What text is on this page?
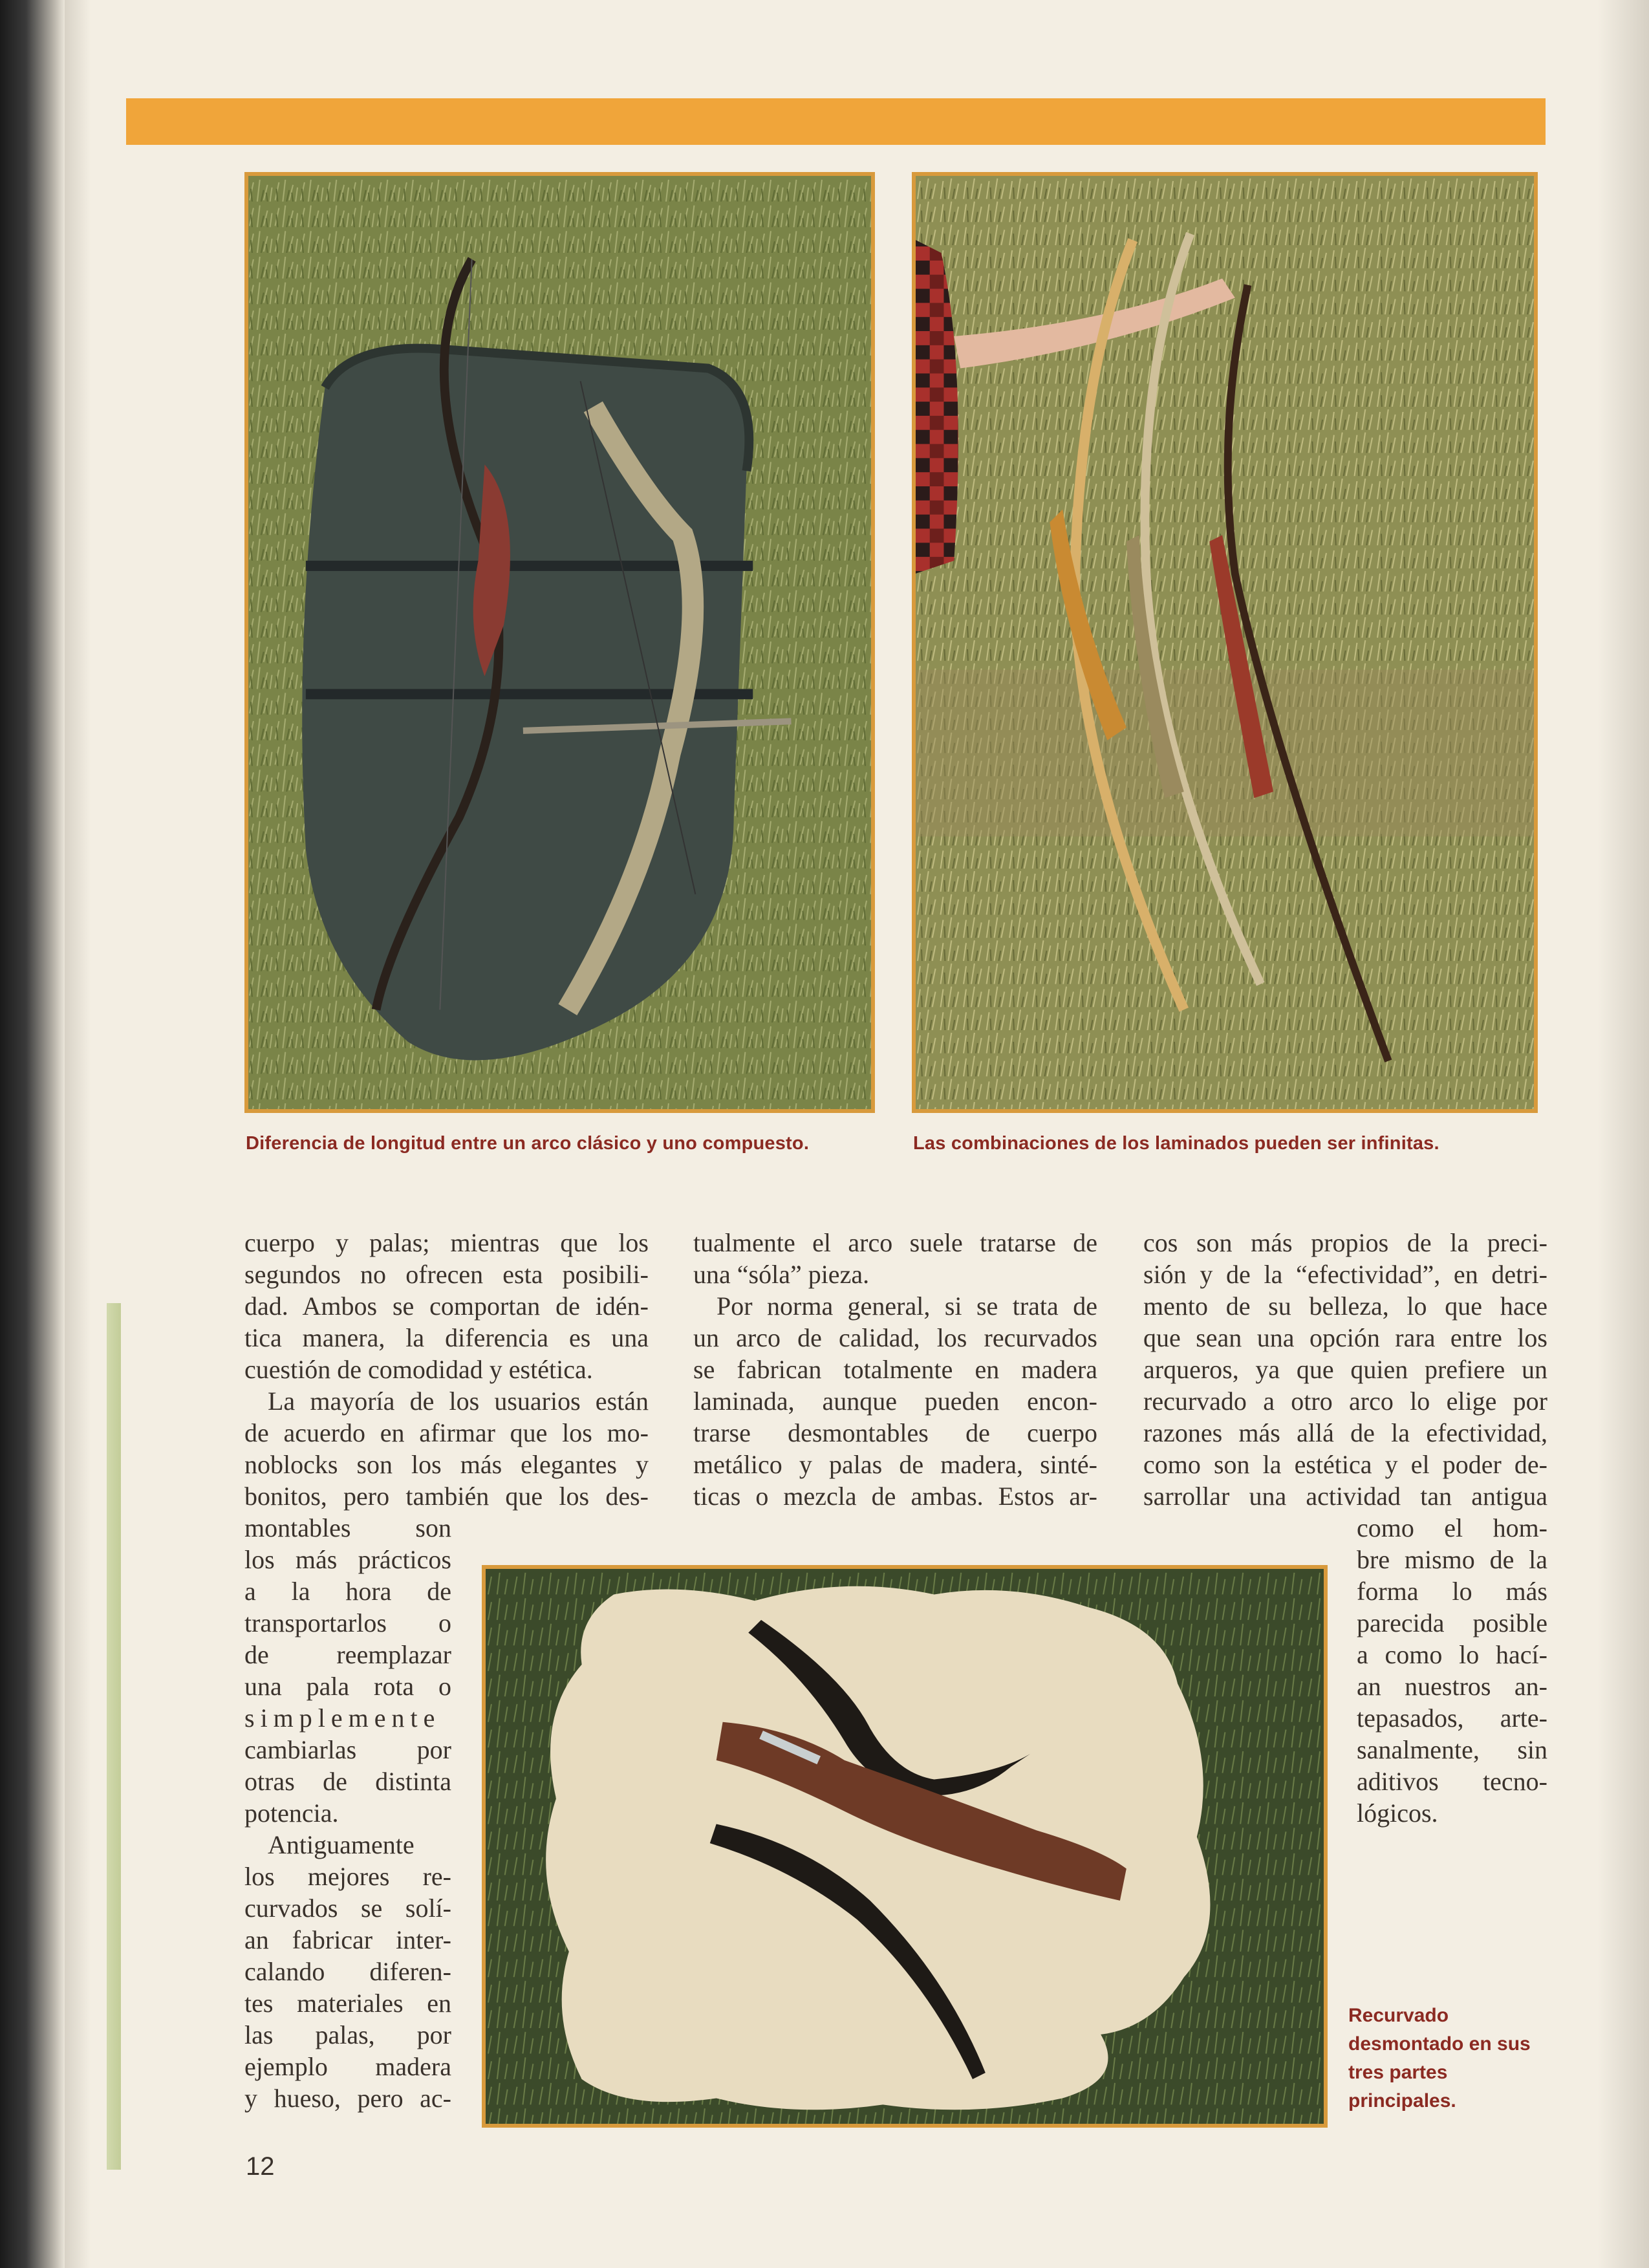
Diferencia de longitud entre un arco clásico y uno compuesto.	Las combinaciones de los laminados pueden ser infinitas.
cuerpo y palas; mientras que los
segundos no ofrecen esta posibili-
dad. Ambos se comportan de idén-
tica manera, la diferencia es una
cuestión de comodidad y estética.
La mayoría de los usuarios están
de acuerdo en afirmar que los mo-
noblocks son los más elegantes y
bonitos, pero también que los des-
montables son
los más prácticos
a la hora de
transportarlos o
de reemplazar
una pala rota o
simplemente
cambiarlas por
otras de distinta
potencia.
Antiguamente
los mejores re-
curvados se solí-
an fabricar inter-
calando diferen-
tes materiales en
las palas, por
ejemplo madera
y hueso, pero ac-
tualmente el arco suele tratarse de
una “sóla” pieza.
Por norma general, si se trata de
un arco de calidad, los recurvados
se fabrican totalmente en madera
laminada, aunque pueden encon-
trarse desmontables de cuerpo
metálico y palas de madera, sinté-
ticas o mezcla de ambas. Estos ar-
cos son más propios de la preci-
sión y de la “efectividad”, en detri-
mento de su belleza, lo que hace
que sean una opción rara entre los
arqueros, ya que quien prefiere un
recurvado a otro arco lo elige por
razones más allá de la efectividad,
como son la estética y el poder de-
sarrollar una actividad tan antigua
como el hom-
bre mismo de la
forma lo más
parecida posible
a como lo hací-
an nuestros an-
tepasados, arte-
sanalmente, sin
aditivos tecno-
lógicos.
Recurvado
desmontado en sus
tres partes
principales.
12
